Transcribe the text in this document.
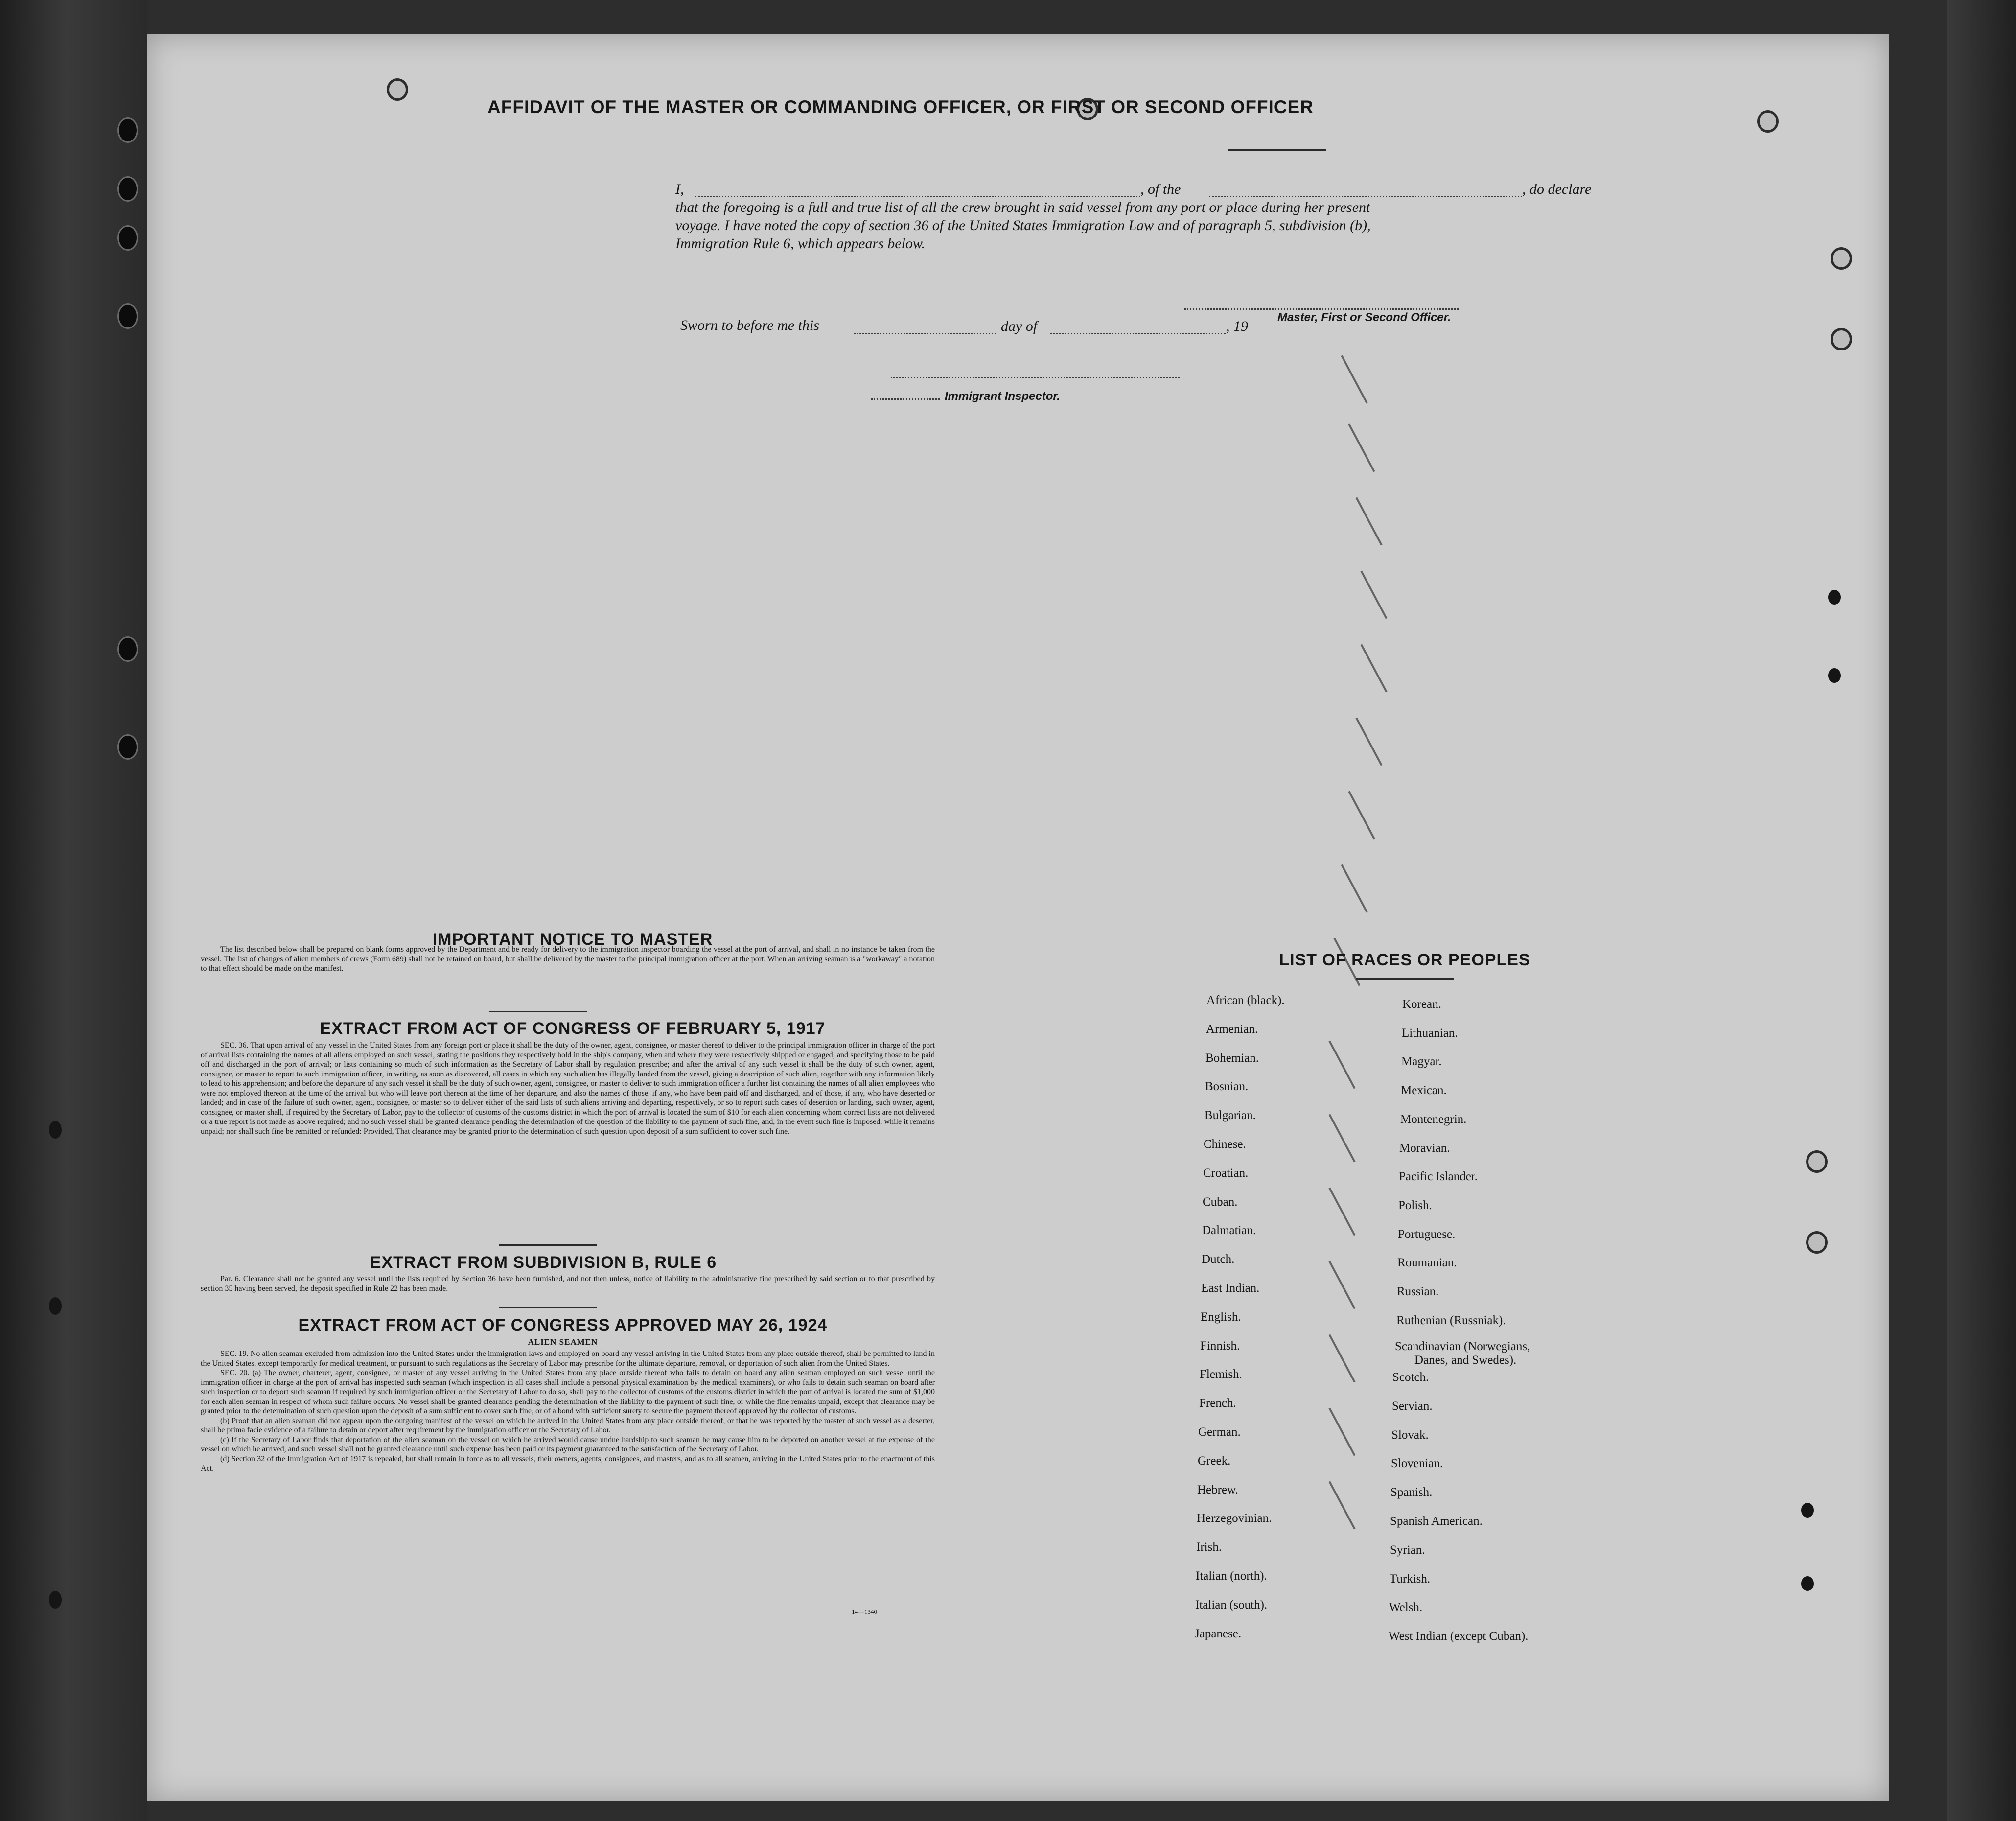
AFFIDAVIT OF THE MASTER OR COMMANDING OFFICER, OR FIRST OR SECOND OFFICER
I,	, of the	, do declare
that the foregoing is a full and true list of all the crew brought in said vessel from any port or place during her present
voyage. I have noted the copy of section 36 of the United States Immigration Law and of paragraph 5, subdivision (b),
Immigration Rule 6, which appears below.
Master, First or Second Officer.
Sworn to before me this	day of	, 19
Immigrant Inspector.
IMPORTANT NOTICE TO MASTER

The list described below shall be prepared on blank forms approved by the Department and be ready for delivery to the immigration inspector boarding the vessel at the port of arrival, and shall in no instance be taken from the vessel. The list of changes of alien members of crews (Form 689) shall not be retained on board, but shall be delivered by the master to the principal immigration officer at the port. When an arriving seaman is a "workaway" a notation to that effect should be made on the manifest.

EXTRACT FROM ACT OF CONGRESS OF FEBRUARY 5, 1917

SEC. 36. That upon arrival of any vessel in the United States from any foreign port or place it shall be the duty of the owner, agent, consignee, or master thereof to deliver to the principal immigration officer in charge of the port of arrival lists containing the names of all aliens employed on such vessel, stating the positions they respectively hold in the ship's company, when and where they were respectively shipped or engaged, and specifying those to be paid off and discharged in the port of arrival; or lists containing so much of such information as the Secretary of Labor shall by regulation prescribe; and after the arrival of any such vessel it shall be the duty of such owner, agent, consignee, or master to report to such immigration officer, in writing, as soon as discovered, all cases in which any such alien has illegally landed from the vessel, giving a description of such alien, together with any information likely to lead to his apprehension; and before the departure of any such vessel it shall be the duty of such owner, agent, consignee, or master to deliver to such immigration officer a further list containing the names of all alien employees who were not employed thereon at the time of the arrival but who will leave port thereon at the time of her departure, and also the names of those, if any, who have been paid off and discharged, and of those, if any, who have deserted or landed; and in case of the failure of such owner, agent, consignee, or master so to deliver either of the said lists of such aliens arriving and departing, respectively, or so to report such cases of desertion or landing, such owner, agent, consignee, or master shall, if required by the Secretary of Labor, pay to the collector of customs of the customs district in which the port of arrival is located the sum of $10 for each alien concerning whom correct lists are not delivered or a true report is not made as above required; and no such vessel shall be granted clearance pending the determination of the question of the liability to the payment of such fine, and, in the event such fine is imposed, while it remains unpaid; nor shall such fine be remitted or refunded: Provided, That clearance may be granted prior to the determination of such question upon deposit of a sum sufficient to cover such fine.

EXTRACT FROM SUBDIVISION B, RULE 6

Par. 6. Clearance shall not be granted any vessel until the lists required by Section 36 have been furnished, and not then unless, notice of liability to the administrative fine prescribed by said section or to that prescribed by section 35 having been served, the deposit specified in Rule 22 has been made.

EXTRACT FROM ACT OF CONGRESS APPROVED MAY 26, 1924
ALIEN SEAMEN

SEC. 19. No alien seaman excluded from admission into the United States under the immigration laws and employed on board any vessel arriving in the United States from any place outside thereof, shall be permitted to land in the United States, except temporarily for medical treatment, or pursuant to such regulations as the Secretary of Labor may prescribe for the ultimate departure, removal, or deportation of such alien from the United States.

SEC. 20. (a) The owner, charterer, agent, consignee, or master of any vessel arriving in the United States from any place outside thereof who fails to detain on board any alien seaman employed on such vessel until the immigration officer in charge at the port of arrival has inspected such seaman (which inspection in all cases shall include a personal physical examination by the medical examiners), or who fails to detain such seaman on board after such inspection or to deport such seaman if required by such immigration officer or the Secretary of Labor to do so, shall pay to the collector of customs of the customs district in which the port of arrival is located the sum of $1,000 for each alien seaman in respect of whom such failure occurs. No vessel shall be granted clearance pending the determination of the liability to the payment of such fine, or while the fine remains unpaid, except that clearance may be granted prior to the determination of such question upon the deposit of a sum sufficient to cover such fine, or of a bond with sufficient surety to secure the payment thereof approved by the collector of customs.

(b) Proof that an alien seaman did not appear upon the outgoing manifest of the vessel on which he arrived in the United States from any place outside thereof, or that he was reported by the master of such vessel as a deserter, shall be prima facie evidence of a failure to detain or deport after requirement by the immigration officer or the Secretary of Labor.

(c) If the Secretary of Labor finds that deportation of the alien seaman on the vessel on which he arrived would cause undue hardship to such seaman he may cause him to be deported on another vessel at the expense of the vessel on which he arrived, and such vessel shall not be granted clearance until such expense has been paid or its payment guaranteed to the satisfaction of the Secretary of Labor.

(d) Section 32 of the Immigration Act of 1917 is repealed, but shall remain in force as to all vessels, their owners, agents, consignees, and masters, and as to all seamen, arriving in the United States prior to the enactment of this Act.

14—1340
LIST OF RACES OR PEOPLES
African (black).
Armenian.
Bohemian.
Bosnian.
Bulgarian.
Chinese.
Croatian.
Cuban.
Dalmatian.
Dutch.
East Indian.
English.
Finnish.
Flemish.
French.
German.
Greek.
Hebrew.
Herzegovinian.
Irish.
Italian (north).
Italian (south).
Japanese.
Korean.
Lithuanian.
Magyar.
Mexican.
Montenegrin.
Moravian.
Pacific Islander.
Polish.
Portuguese.
Roumanian.
Russian.
Ruthenian (Russniak).
Scandinavian (Norwegians,
Danes, and Swedes).
Scotch.
Servian.
Slovak.
Slovenian.
Spanish.
Spanish American.
Syrian.
Turkish.
Welsh.
West Indian (except Cuban).
